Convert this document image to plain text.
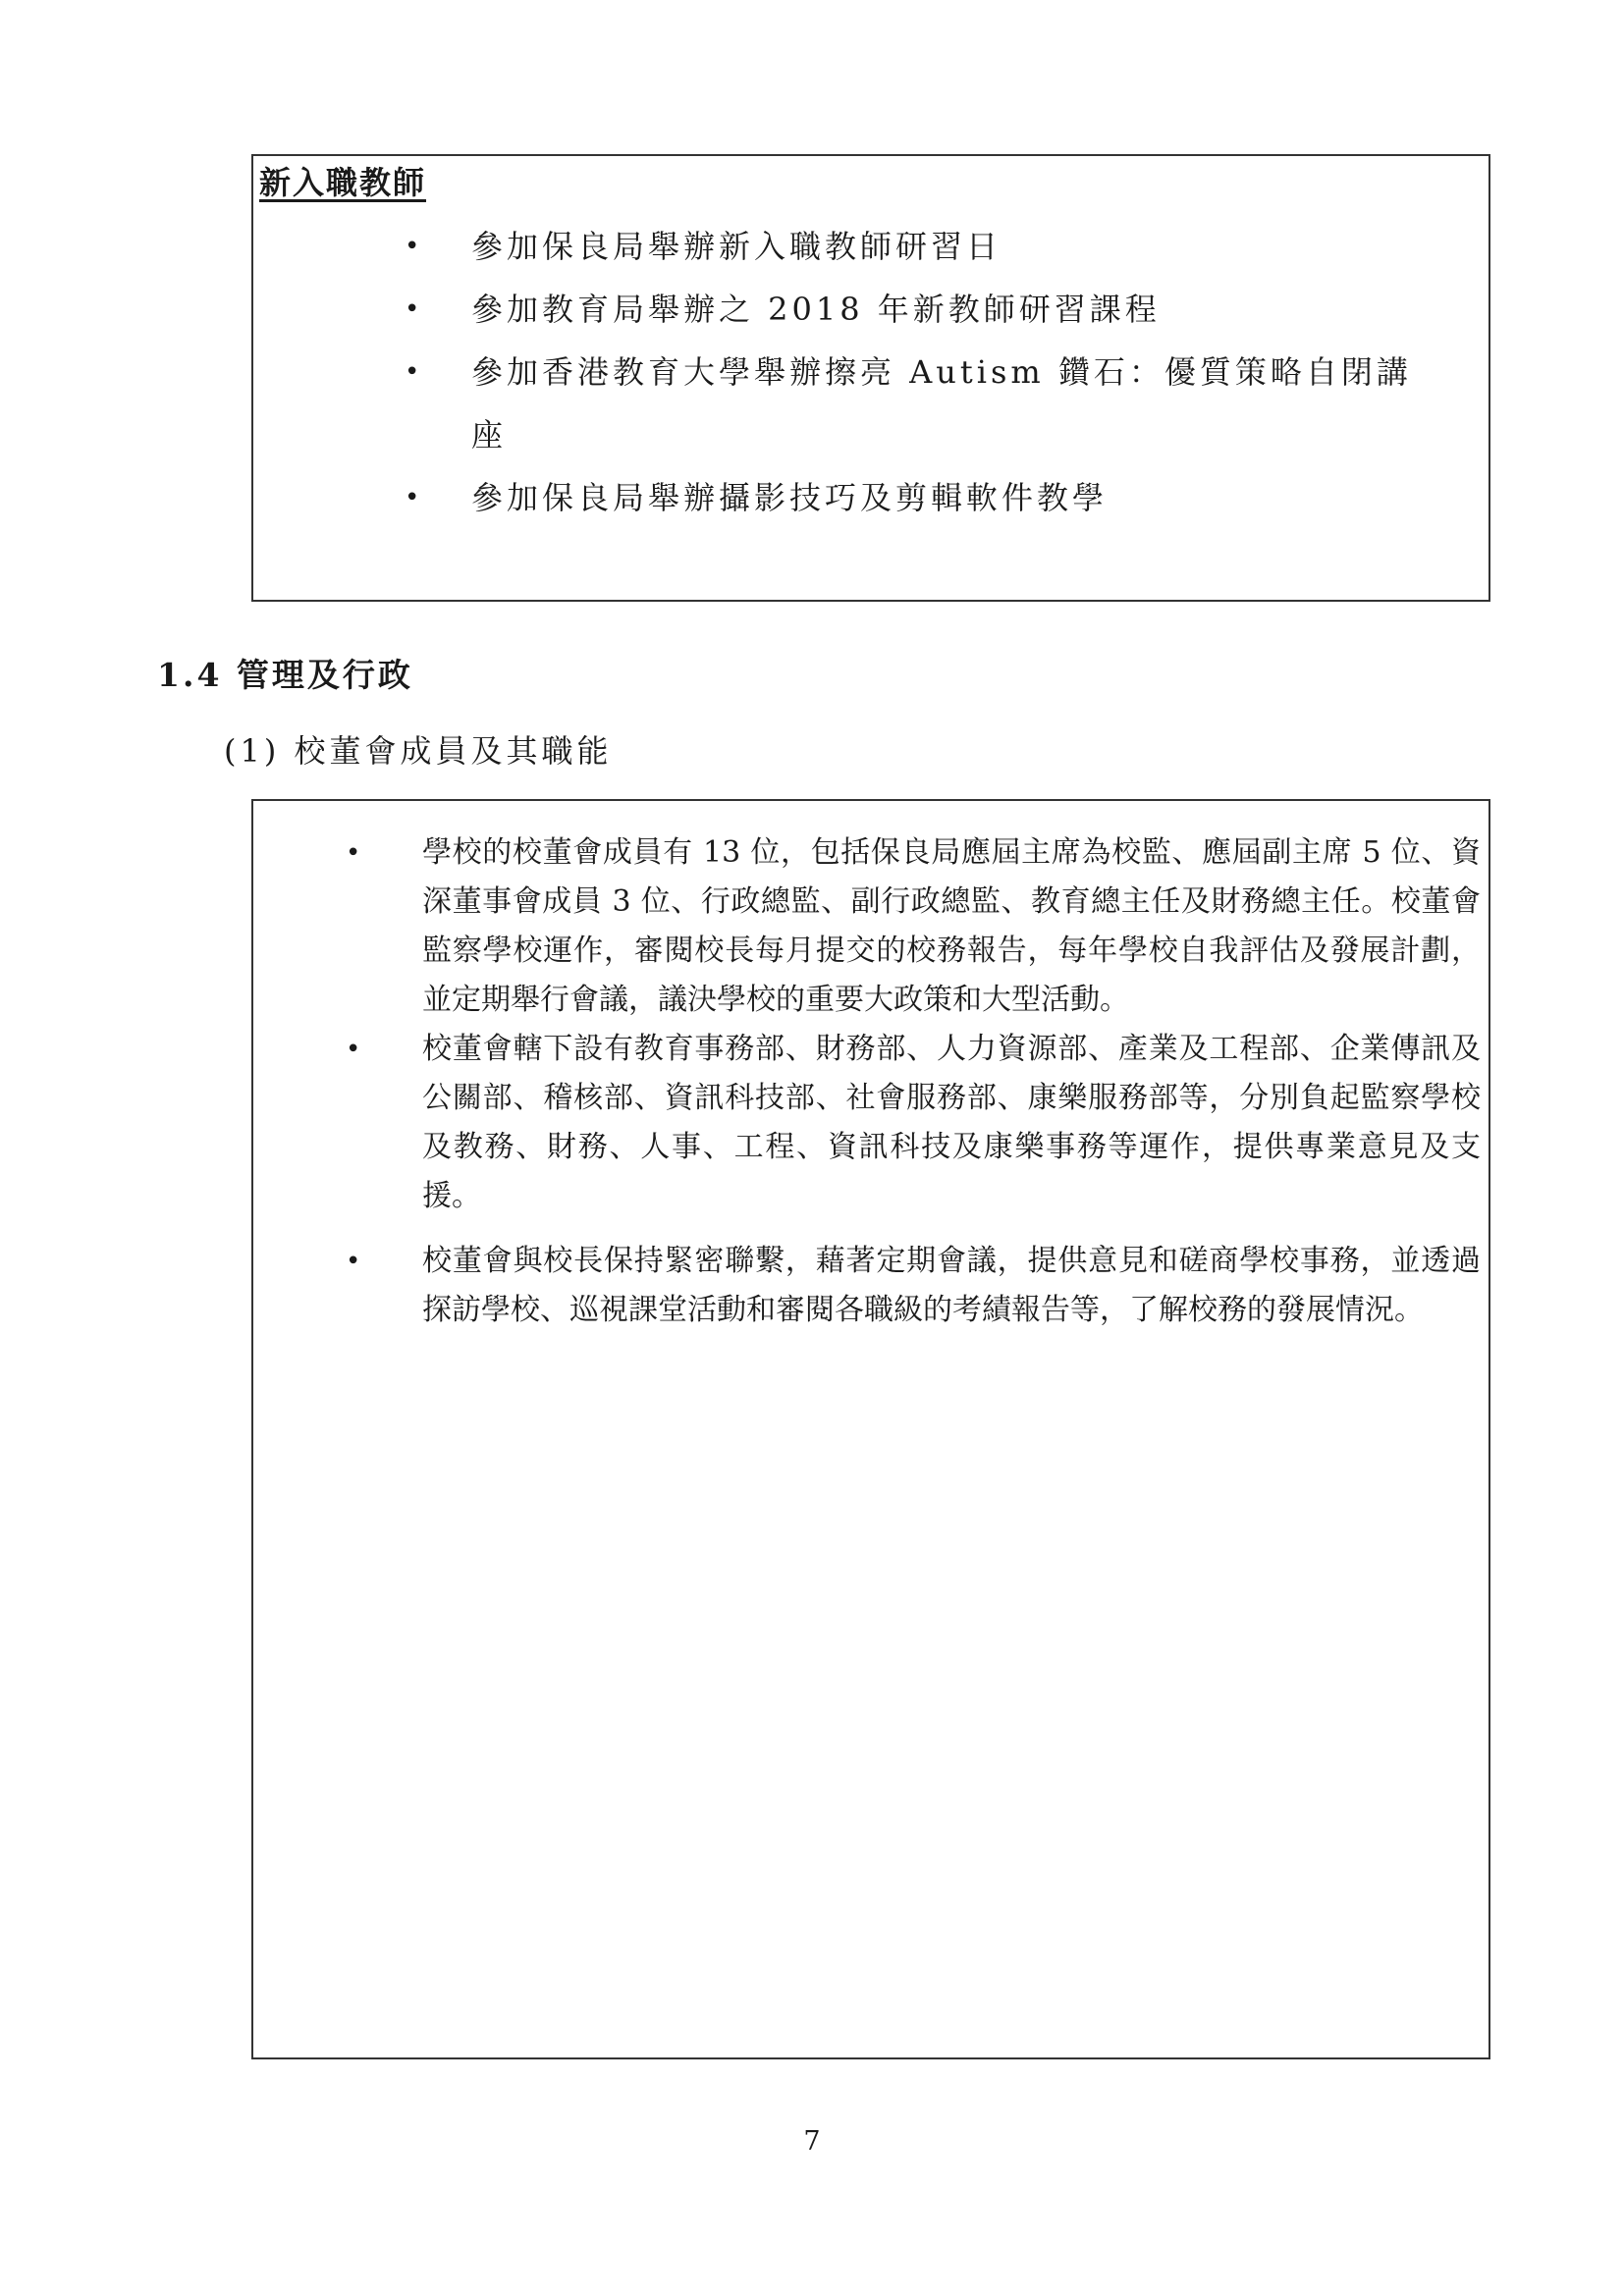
新入職教師
• 參加保良局舉辦新入職教師研習日
• 參加教育局舉辦之 2018 年新教師研習課程
• 參加香港教育大學舉辦擦亮 Autism 鑽石：優質策略自閉講座
• 參加保良局舉辦攝影技巧及剪輯軟件教學
1.4 管理及行政
(1) 校董會成員及其職能
• 學校的校董會成員有 13 位，包括保良局應屆主席為校監、應屆副主席 5 位、資深董事會成員 3 位、行政總監、副行政總監、教育總主任及財務總主任。校董會監察學校運作，審閱校長每月提交的校務報告，每年學校自我評估及發展計劃，並定期舉行會議，議決學校的重要大政策和大型活動。
• 校董會轄下設有教育事務部、財務部、人力資源部、產業及工程部、企業傳訊及公關部、稽核部、資訊科技部、社會服務部、康樂服務部等，分別負起監察學校及教務、財務、人事、工程、資訊科技及康樂事務等運作，提供專業意見及支援。
• 校董會與校長保持緊密聯繫，藉著定期會議，提供意見和磋商學校事務，並透過探訪學校、巡視課堂活動和審閱各職級的考績報告等，了解校務的發展情況。
7
